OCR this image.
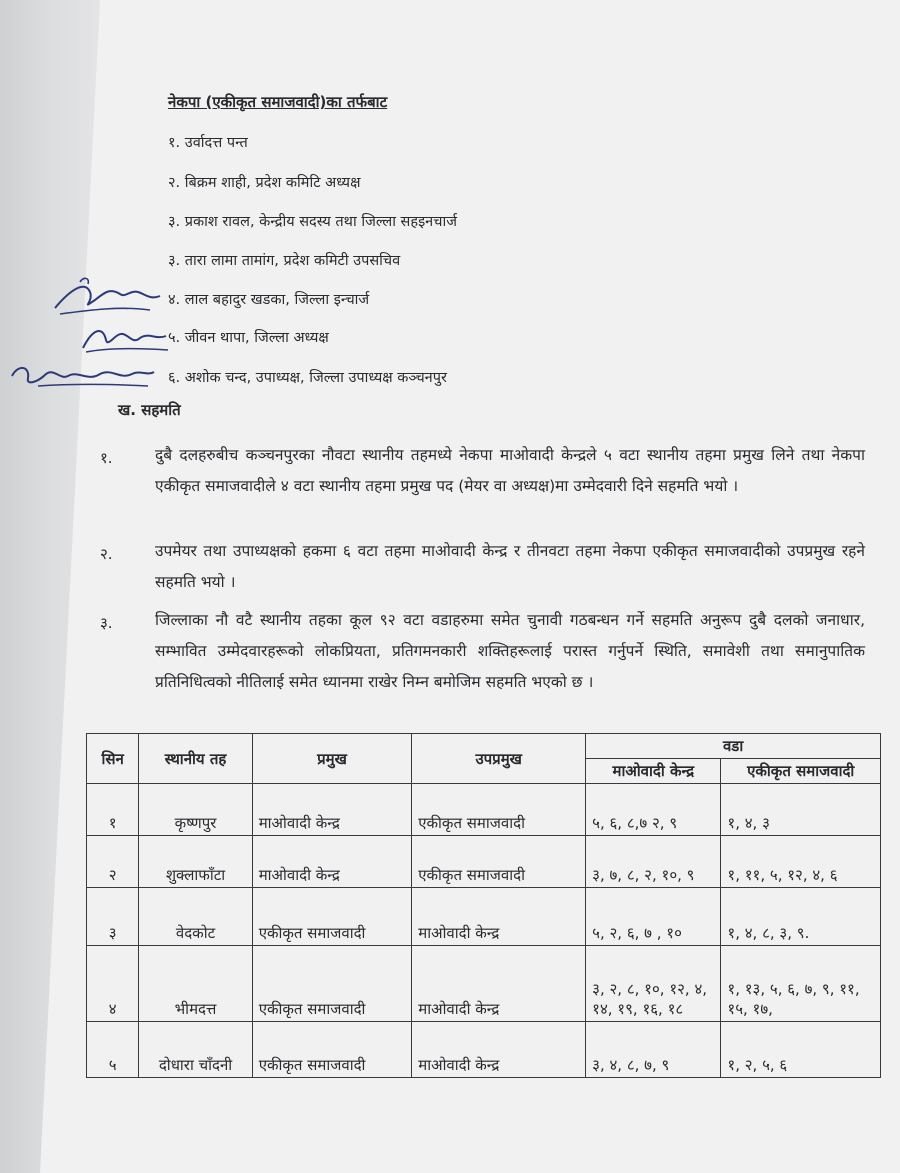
नेकपा (एकीकृत समाजवादी)का तर्फबाट
१. उर्वादत्त पन्त
२. बिक्रम शाही, प्रदेश कमिटि अध्यक्ष
३. प्रकाश रावल, केन्द्रीय सदस्य तथा जिल्ला सहइनचार्ज
३. तारा लामा तामांग, प्रदेश कमिटी उपसचिव
४. लाल बहादुर खडका, जिल्ला इन्चार्ज
५. जीवन थापा, जिल्ला अध्यक्ष
६. अशोक चन्द, उपाध्यक्ष, जिल्ला उपाध्यक्ष कञ्चनपुर
ख. सहमति
१.	दुबै दलहरुबीच कञ्चनपुरका नौवटा स्थानीय तहमध्ये नेकपा माओवादी केन्द्रले ५ वटा स्थानीय तहमा प्रमुख लिने तथा नेकपा एकीकृत समाजवादीले ४ वटा स्थानीय तहमा प्रमुख पद (मेयर वा अध्यक्ष)मा उम्मेदवारी दिने सहमति भयो ।
२.	उपमेयर तथा उपाध्यक्षको हकमा ६ वटा तहमा माओवादी केन्द्र र तीनवटा तहमा नेकपा एकीकृत समाजवादीको उपप्रमुख रहने सहमति भयो ।
३.	जिल्लाका नौ वटै स्थानीय तहका कूल ९२ वटा वडाहरुमा समेत चुनावी गठबन्धन गर्ने सहमति अनुरूप दुबै दलको जनाधार, सम्भावित उम्मेदवारहरूको लोकप्रियता, प्रतिगमनकारी शक्तिहरूलाई परास्त गर्नुपर्ने स्थिति, समावेशी तथा समानुपातिक प्रतिनिधित्वको नीतिलाई समेत ध्यानमा राखेर निम्न बमोजिम सहमति भएको छ ।
सिन	स्थानीय तह	प्रमुख	उपप्रमुख	वडा	
				माओवादी केन्द्र	एकीकृत समाजवादी
१	कृष्णपुर	माओवादी केन्द्र	एकीकृत समाजवादी	५, ६, ८,७ २, ९	१, ४, ३
२	शुक्लाफाँटा	माओवादी केन्द्र	एकीकृत समाजवादी	३, ७, ८, २, १०, ९	१, ११, ५, १२, ४, ६
३	वेदकोट	एकीकृत समाजवादी	माओवादी केन्द्र	५, २, ६, ७ , १०	१, ४, ८, ३, ९.
४	भीमदत्त	एकीकृत समाजवादी	माओवादी केन्द्र	३, २, ८, १०, १२, ४, १४, १९, १६, १८	१, १३, ५, ६, ७, ९, ११, १५, १७,
५	दोधारा चाँदनी	एकीकृत समाजवादी	माओवादी केन्द्र	३, ४, ८, ७, ९	१, २, ५, ६
